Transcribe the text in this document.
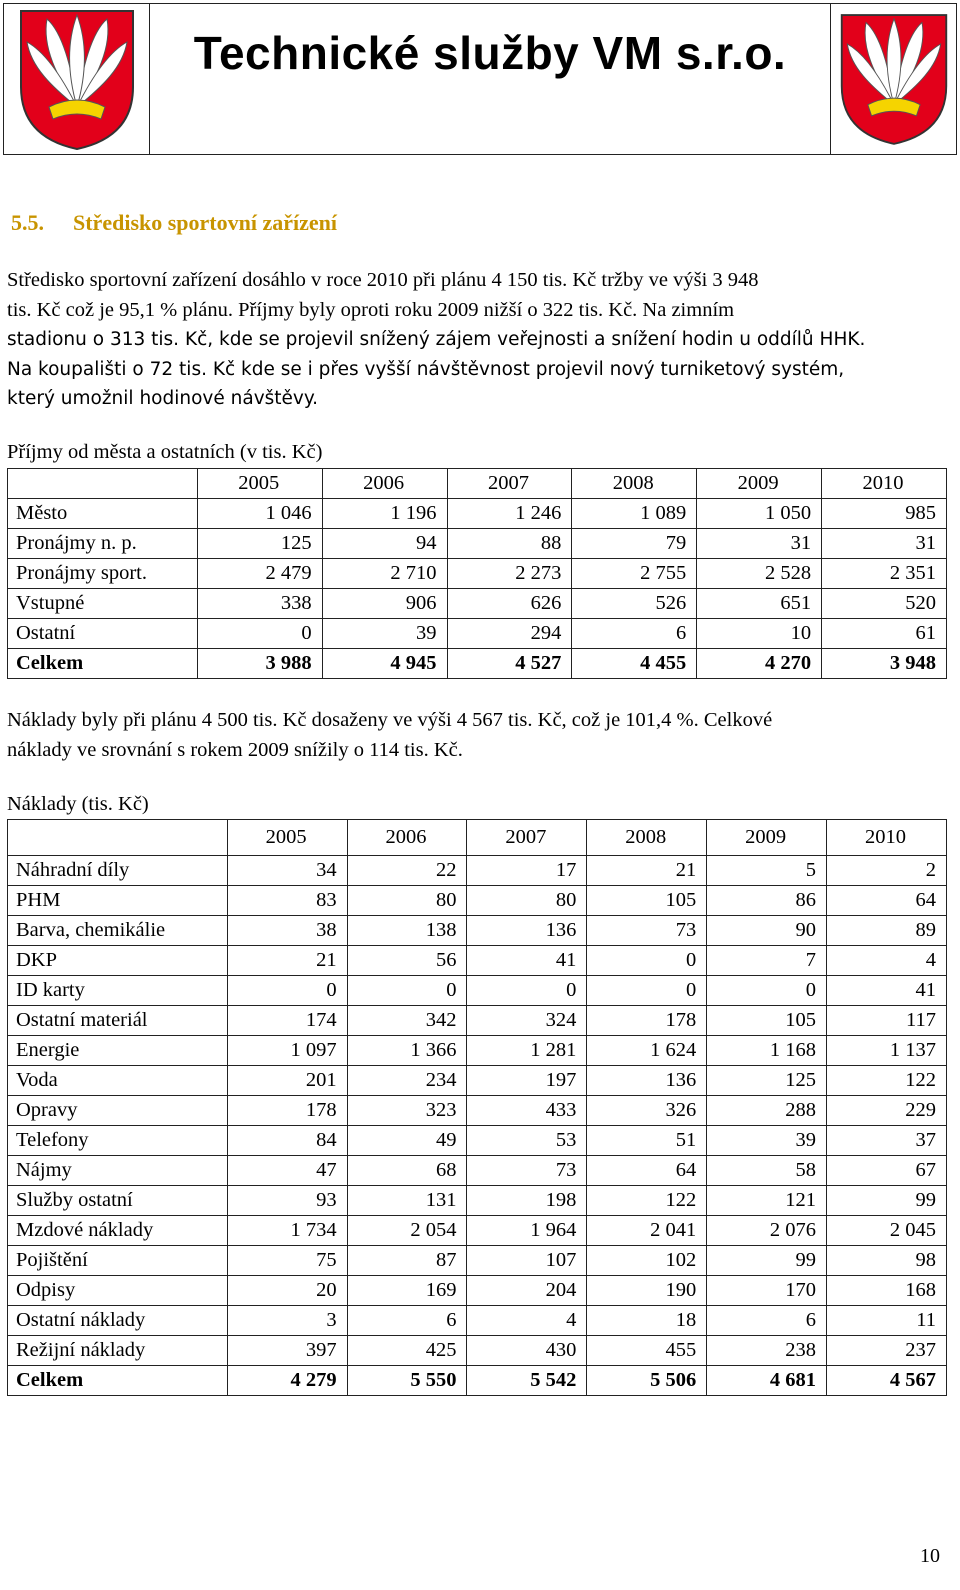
Technické služby VM s.r.o.
5.5. Středisko sportovní zařízení

Středisko sportovní zařízení dosáhlo v roce 2010 při plánu 4 150 tis. Kč tržby ve výši 3 948

tis. Kč což je 95,1 % plánu. Příjmy byly oproti roku 2009 nižší o 322 tis. Kč. Na zimním

stadionu o 313 tis. Kč, kde se projevil snížený zájem veřejnosti a snížení hodin u oddílů HHK.

Na koupališti o 72 tis. Kč kde se i přes vyšší návštěvnost projevil nový turniketový systém,

který umožnil hodinové návštěvy.

Příjmy od města a ostatních (v tis. Kč)
	2005	2006	2007	2008	2009	2010
Město	1 046	1 196	1 246	1 089	1 050	985
Pronájmy n. p.	125	94	88	79	31	31
Pronájmy sport.	2 479	2 710	2 273	2 755	2 528	2 351
Vstupné	338	906	626	526	651	520
Ostatní	0	39	294	6	10	61
Celkem	3 988	4 945	4 527	4 455	4 270	3 948

Náklady byly při plánu 4 500 tis. Kč dosaženy ve výši 4 567 tis. Kč, což je 101,4 %. Celkové

náklady ve srovnání s rokem 2009 snížily o 114 tis. Kč.

Náklady (tis. Kč)
	2005	2006	2007	2008	2009	2010
Náhradní díly	34	22	17	21	5	2
PHM	83	80	80	105	86	64
Barva, chemikálie	38	138	136	73	90	89
DKP	21	56	41	0	7	4
ID karty	0	0	0	0	0	41
Ostatní materiál	174	342	324	178	105	117
Energie	1 097	1 366	1 281	1 624	1 168	1 137
Voda	201	234	197	136	125	122
Opravy	178	323	433	326	288	229
Telefony	84	49	53	51	39	37
Nájmy	47	68	73	64	58	67
Služby ostatní	93	131	198	122	121	99
Mzdové náklady	1 734	2 054	1 964	2 041	2 076	2 045
Pojištění	75	87	107	102	99	98
Odpisy	20	169	204	190	170	168
Ostatní náklady	3	6	4	18	6	11
Režijní náklady	397	425	430	455	238	237
Celkem	4 279	5 550	5 542	5 506	4 681	4 567
10
